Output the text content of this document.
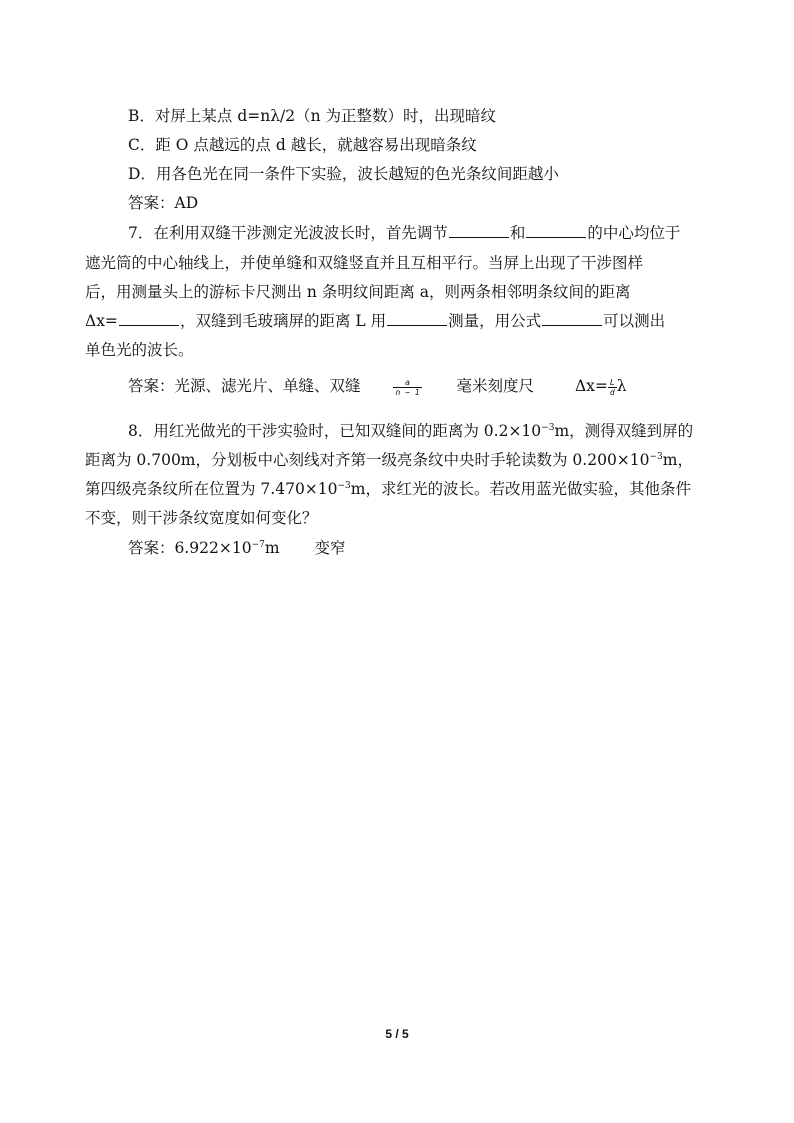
B．对屏上某点 d=nλ/2（n 为正整数）时，出现暗纹
C．距 O 点越远的点 d 越长，就越容易出现暗条纹
D．用各色光在同一条件下实验，波长越短的色光条纹间距越小
答案：AD
7．在利用双缝干涉测定光波波长时，首先调节	和	的中心均位于
遮光筒的中心轴线上，并使单缝和双缝竖直并且互相平行。当屏上出现了干涉图样
后，用测量头上的游标卡尺测出 n 条明纹间距离 a，则两条相邻明条纹间的距离
Δx=	，双缝到毛玻璃屏的距离 L 用	测量，用公式	可以测出
单色光的波长。
答案：光源、滤光片、单缝、双缝	$\frac{a}{n - 1}$ 毫米刻度尺	$\Delta x= \frac{L}{d}$ λ
8．用红光做光的干涉实验时，已知双缝间的距离为 $0.2\times 10^{-3}m$，测得双缝到屏的
距离为 0.700m，分划板中心刻线对齐第一级亮条纹中央时手轮读数为 $0.200\times 10^{-3}m$，
第四级亮条纹所在位置为 $7.470\times 10^{-3}m$，求红光的波长。若改用蓝光做实验，其他条件
不变，则干涉条纹宽度如何变化？
答案：$6.922\times 10^{-7}m$ 变窄
5 / 5
